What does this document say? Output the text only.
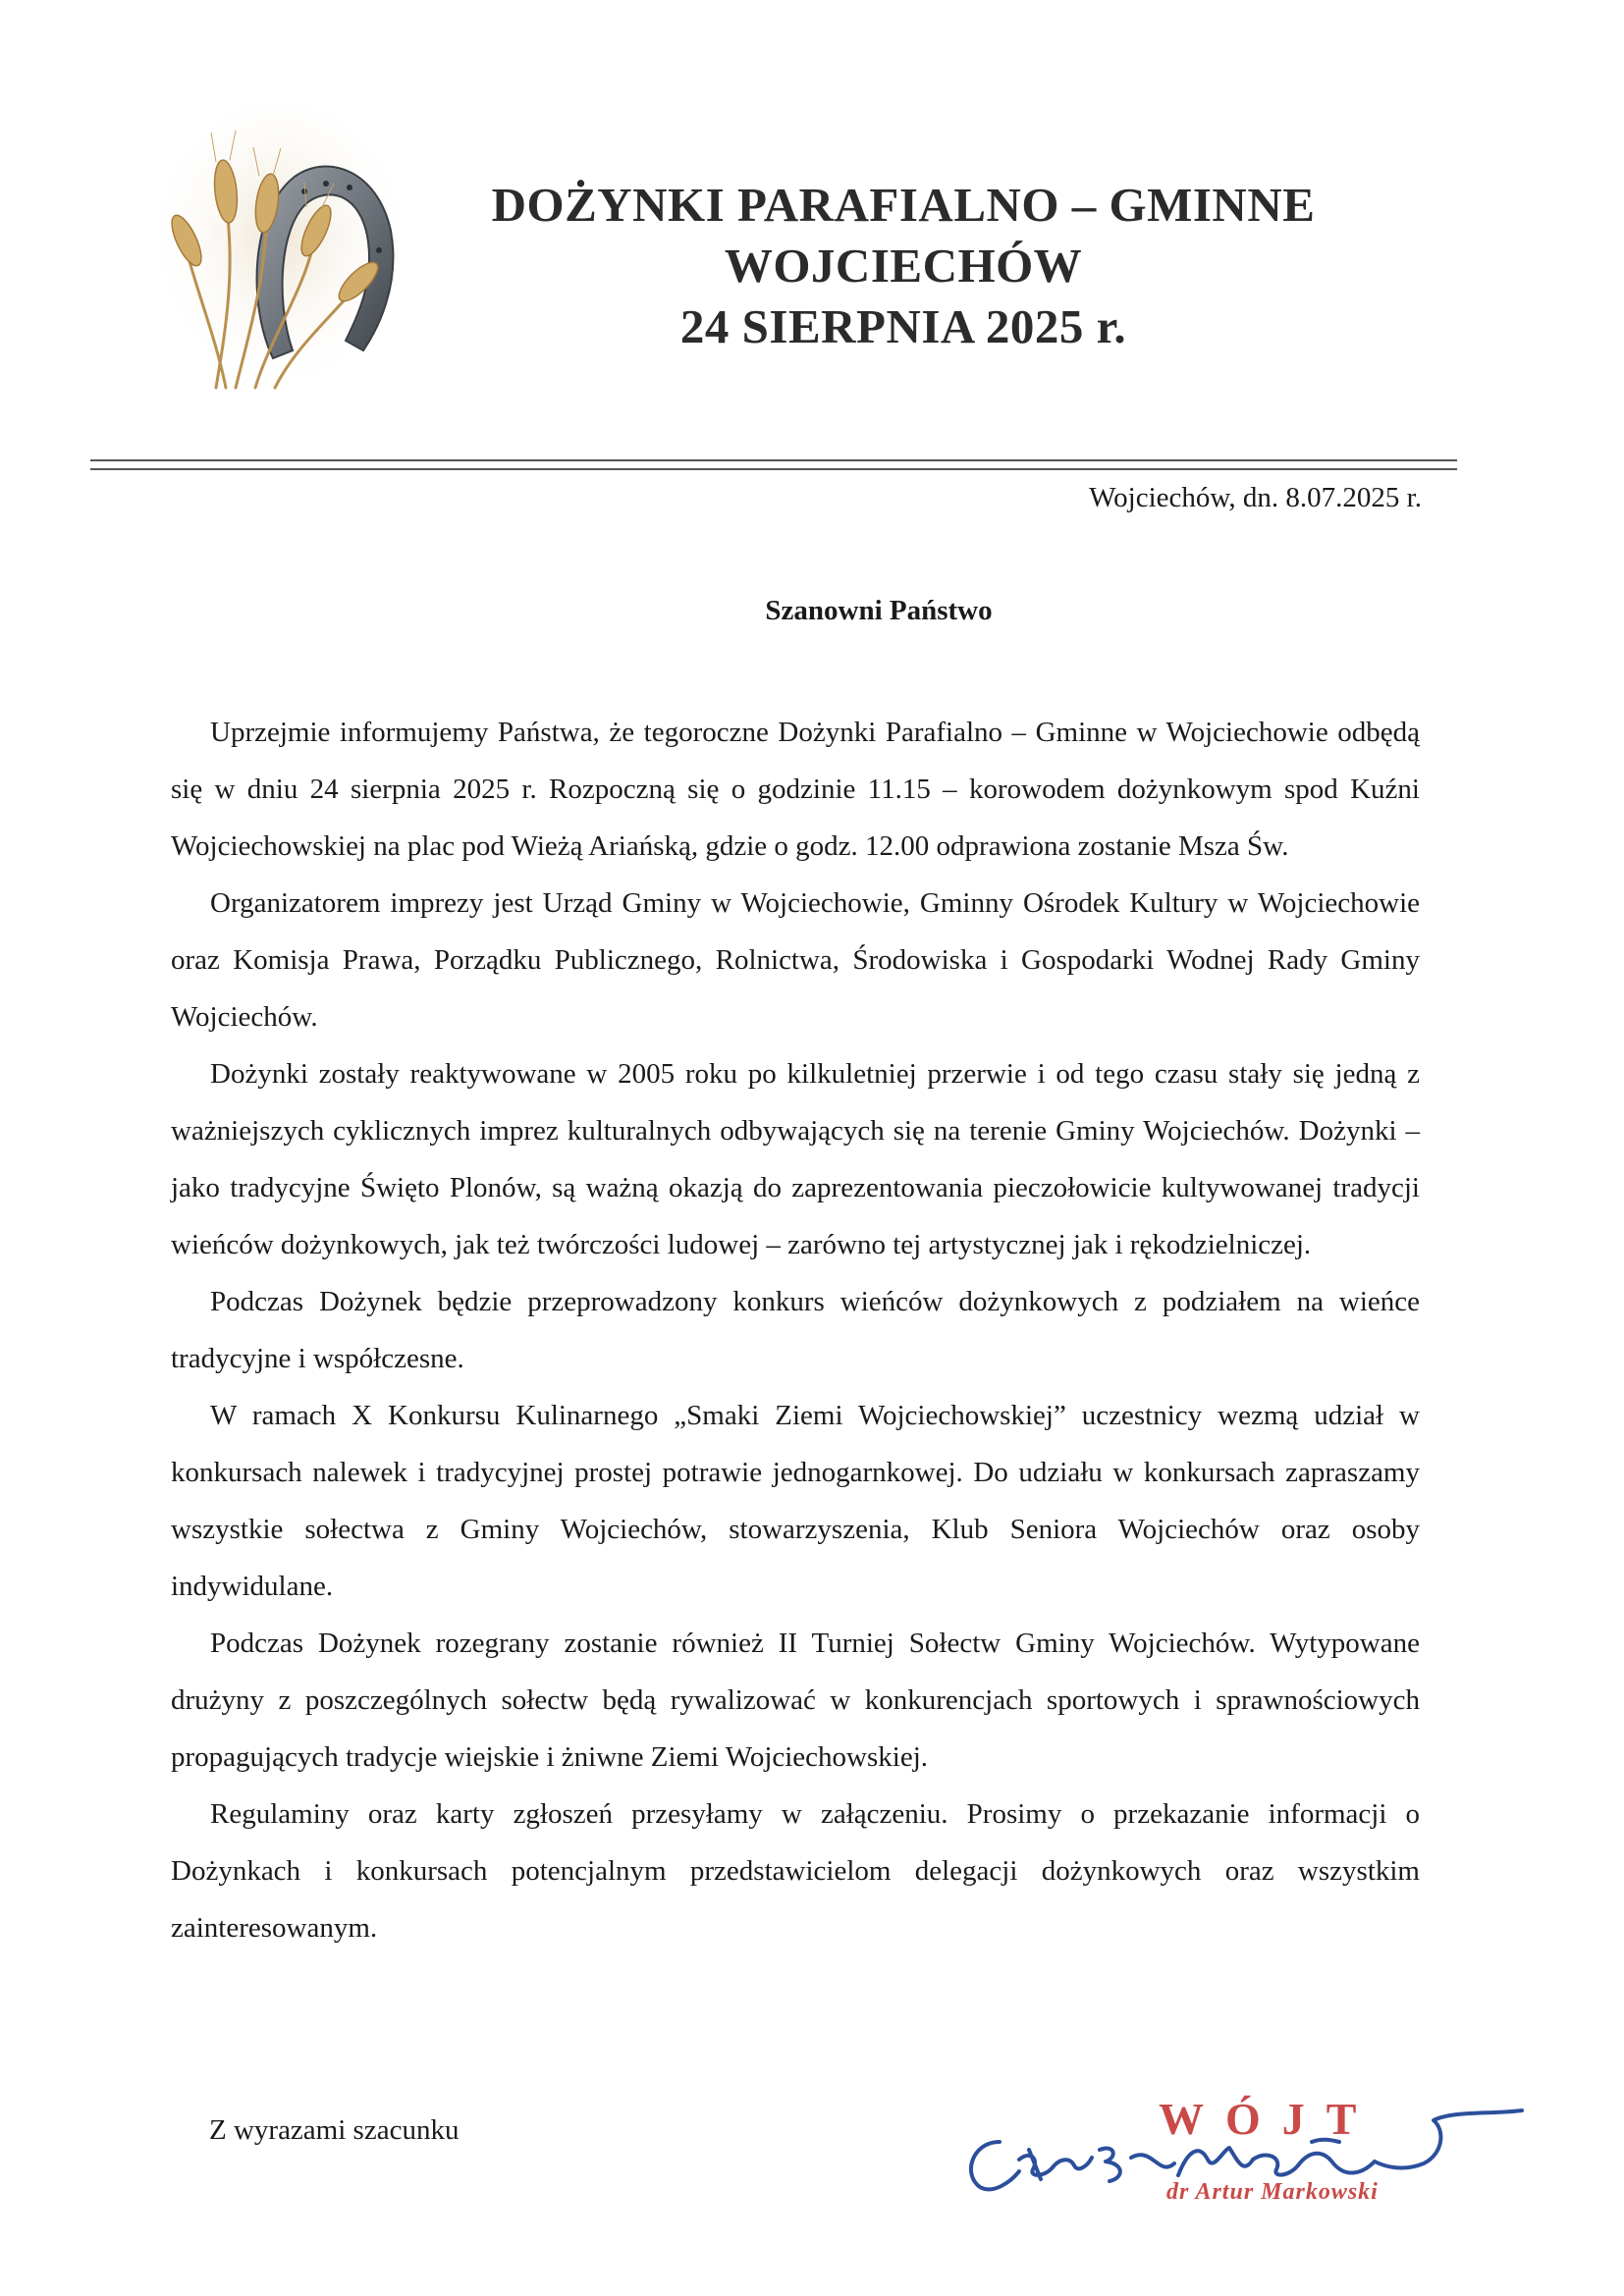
DOŻYNKI PARAFIALNO – GMINNE
WOJCIECHÓW
24 SIERPNIA 2025 r.
Wojciechów, dn. 8.07.2025 r.
Szanowni Państwo

Uprzejmie informujemy Państwa, że tegoroczne Dożynki Parafialno – Gminne w Wojciechowie odbędą się w dniu 24 sierpnia 2025 r. Rozpoczną się o godzinie 11.15 – korowodem dożynkowym spod Kuźni Wojciechowskiej na plac pod Wieżą Ariańską, gdzie o godz. 12.00 odprawiona zostanie Msza Św.

Organizatorem imprezy jest Urząd Gminy w Wojciechowie, Gminny Ośrodek Kultury w Wojciechowie oraz Komisja Prawa, Porządku Publicznego, Rolnictwa, Środowiska i Gospodarki Wodnej Rady Gminy Wojciechów.

Dożynki zostały reaktywowane w 2005 roku po kilkuletniej przerwie i od tego czasu stały się jedną z ważniejszych cyklicznych imprez kulturalnych odbywających się na terenie Gminy Wojciechów. Dożynki – jako tradycyjne Święto Plonów, są ważną okazją do zaprezentowania pieczołowicie kultywowanej tradycji wieńców dożynkowych, jak też twórczości ludowej – zarówno tej artystycznej jak i rękodzielniczej.

Podczas Dożynek będzie przeprowadzony konkurs wieńców dożynkowych z podziałem na wieńce tradycyjne i współczesne.

W ramach X Konkursu Kulinarnego „Smaki Ziemi Wojciechowskiej” uczestnicy wezmą udział w konkursach nalewek i tradycyjnej prostej potrawie jednogarnkowej. Do udziału w konkursach zapraszamy wszystkie sołectwa z Gminy Wojciechów, stowarzyszenia, Klub Seniora Wojciechów oraz osoby indywidulane.

Podczas Dożynek rozegrany zostanie również II Turniej Sołectw Gminy Wojciechów. Wytypowane drużyny z poszczególnych sołectw będą rywalizować w konkurencjach sportowych i sprawnościowych propagujących tradycje wiejskie i żniwne Ziemi Wojciechowskiej.

Regulaminy oraz karty zgłoszeń przesyłamy w załączeniu. Prosimy o przekazanie informacji o Dożynkach i konkursach potencjalnym przedstawicielom delegacji dożynkowych oraz wszystkim zainteresowanym.

Z wyrazami szacunku	WÓJT
dr Artur Markowski
